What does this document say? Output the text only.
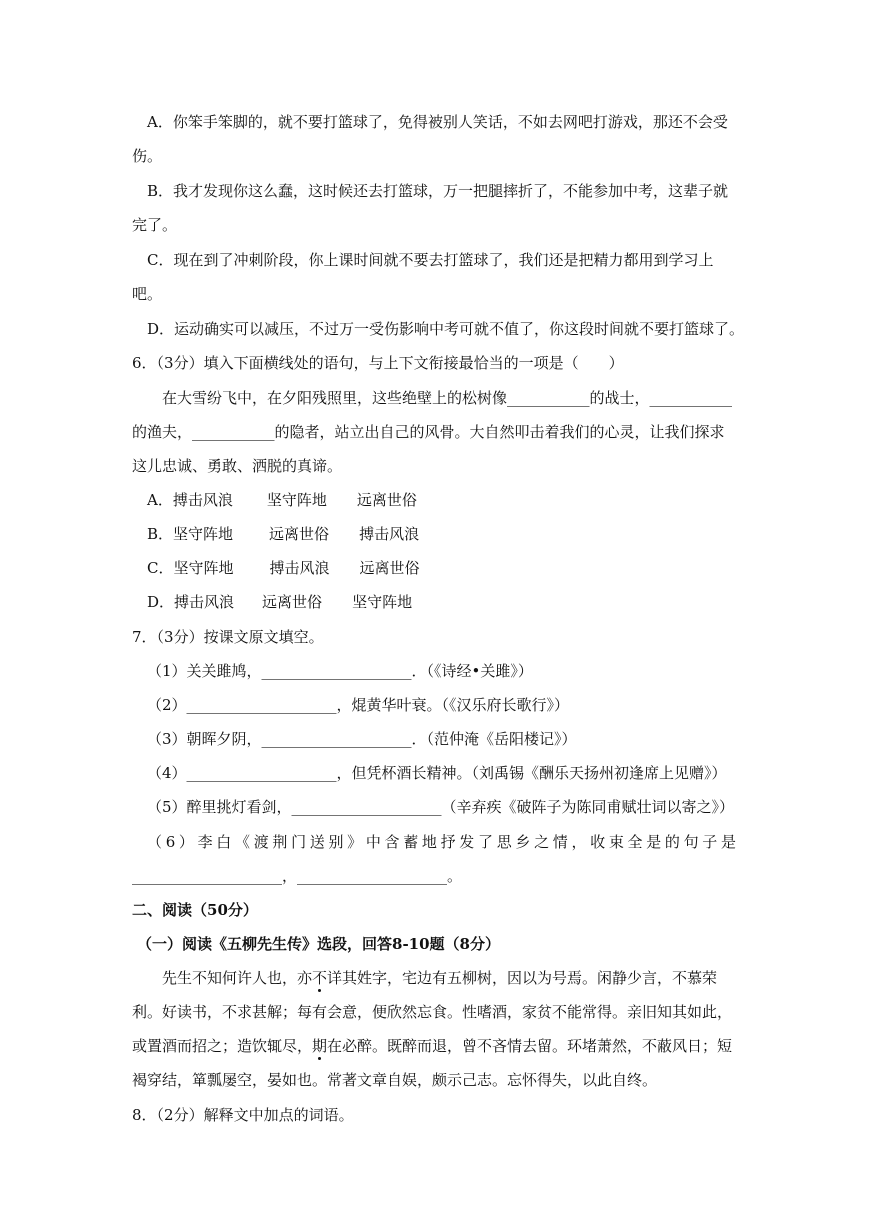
A．你笨手笨脚的，就不要打篮球了，免得被别人笑话，不如去网吧打游戏，那还不会受
伤。
B．我才发现你这么蠢，这时候还去打篮球，万一把腿摔折了，不能参加中考，这辈子就
完了。
C．现在到了冲刺阶段，你上课时间就不要去打篮球了，我们还是把精力都用到学习上
吧。
D．运动确实可以减压，不过万一受伤影响中考可就不值了，你这段时间就不要打篮球了。
6．（3分）填入下面横线处的语句，与上下文衔接最恰当的一项是（　　）
在大雪纷飞中，在夕阳残照里，这些绝壁上的松树像___________的战士，___________
的渔夫，___________的隐者，站立出自己的风骨。大自然叩击着我们的心灵，让我们探求
这儿忠诚、勇敢、洒脱的真谛。
A．搏击风浪 坚守阵地 远离世俗
B．坚守阵地 远离世俗 搏击风浪
C．坚守阵地 搏击风浪 远离世俗
D．搏击风浪 远离世俗 坚守阵地
7．（3分）按课文原文填空。
（1）关关雎鸠，____________________．（《诗经•关雎》）
（2）____________________，焜黄华叶衰。（《汉乐府长歌行》）
（3）朝晖夕阴，____________________．（范仲淹《岳阳楼记》）
（4）____________________，但凭杯酒长精神。（刘禹锡《酬乐天扬州初逢席上见赠》）
（5）醉里挑灯看剑，____________________（辛弃疾《破阵子为陈同甫赋壮词以寄之》）
（6）李白《渡荆门送别》中含蓄地抒发了思乡之情，收束全是的句子是
____________________，____________________。
二、阅读（50分）
（一）阅读《五柳先生传》选段，回答8-10题（8分）
先生不知何许人也，亦不详其姓字，宅边有五柳树，因以为号焉。闲静少言，不慕荣
利。好读书，不求甚解；每有会意，便欣然忘食。性嗜酒，家贫不能常得。亲旧知其如此，
或置酒而招之；造饮辄尽，期在必醉。既醉而退，曾不吝情去留。环堵萧然，不蔽风日；短
褐穿结，箪瓢屡空，晏如也。常著文章自娱，颇示己志。忘怀得失，以此自终。
8．（2分）解释文中加点的词语。
